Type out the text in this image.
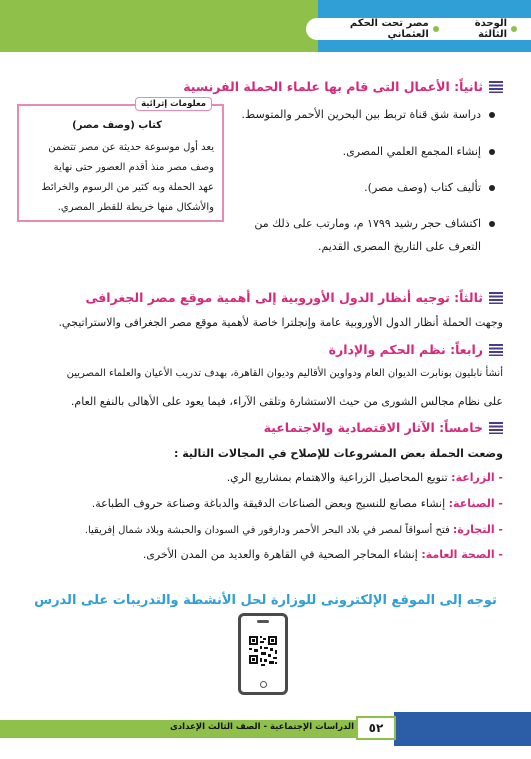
الوحدة الثالثة
مصر تحت الحكم العثماني
ثانياً: الأعمال التى قام بها علماء الحملة الفرنسية
دراسة شق قناة تربط بين البحرين الأحمر والمتوسط.
إنشاء المجمع العلمي المصرى.
تأليف كتاب (وصف مصر).
اكتشاف حجر رشيد ١٧٩٩ م، ومارتب على ذلك من
التعرف على التاريخ المصرى القديم.
معلومات إثرائية
كتاب (وصف مصر)
يعد أول موسوعة حديثة عن مصر تتضمن
وصف مصر منذ أقدم العصور حتى نهاية
عهد الحملة وبه كثير من الرسوم والخرائط
والأشكال منها خريطة للقطر المصري.
ثالثاً: توجيه أنظار الدول الأوروبية إلى أهمية موقع مصر الجغرافى
وجهت الحملة أنظار الدول الأوروبية عامة وإنجلترا خاصة لأهمية موقع مصر الجغرافى والاستراتيجي.
رابعاً: نظم الحكم والإدارة
أنشأ نابليون بونابرت الديوان العام ودواوين الأقاليم وديوان القاهرة، بهدف تدريب الأعيان والعلماء المصريين
على نظام مجالس الشورى من حيث الاستشارة وتلقى الآراء، فيما يعود على الأهالى بالنفع العام.
خامساً: الآثار الاقتصادية والاجتماعية
وضعت الحملة بعض المشروعات للإصلاح في المجالات التالية :
- الزراعة: تنويع المحاصيل الزراعية والاهتمام بمشاريع الري.
- الصناعة: إنشاء مصانع للنسيج وبعض الصناعات الدقيقة والدباغة وصناعة حروف الطباعة.
- التجارة: فتح أسواقاً لمصر في بلاد البحر الأحمر ودارفور في السودان والحبشة وبلاد شمال إفريقيا.
- الصحة العامة: إنشاء المحاجر الصحية في القاهرة والعديد من المدن الأخرى.
توجه إلى الموقع الإلكترونى للوزارة لحل الأنشطة والتدريبات على الدرس
٥٢
الدراسات الإجتماعية - الصف الثالث الإعدادى
